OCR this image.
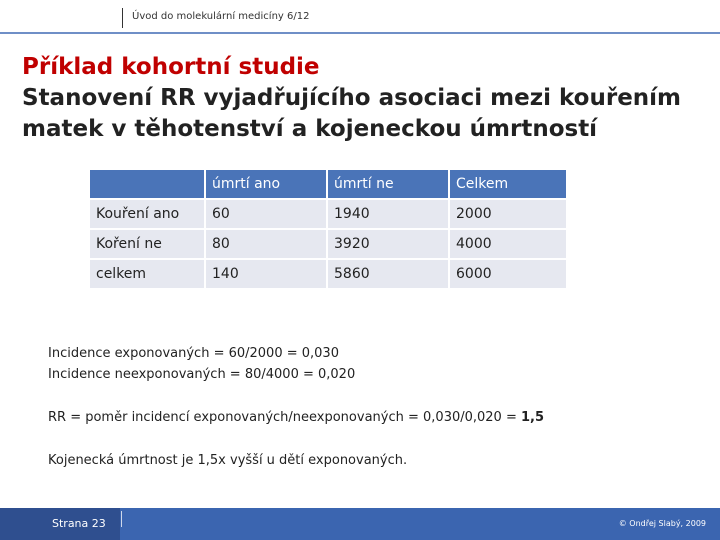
Úvod do molekulární medicíny 6/12
Příklad kohortní studie
Stanovení RR vyjadřujícího asociaci mezi kouřením matek v těhotenství a kojeneckou úmrtností
	úmrtí ano	úmrtí ne	Celkem
Kouření ano	60	1940	2000
Koření ne	80	3920	4000
celkem	140	5860	6000

Incidence exponovaných = 60/2000 = 0,030

Incidence neexponovaných = 80/4000 = 0,020

RR = poměr incidencí exponovaných/neexponovaných = 0,030/0,020 = 1,5

Kojenecká úmrtnost je 1,5x vyšší u dětí exponovaných.

Strana 23	© Ondřej Slabý, 2009
